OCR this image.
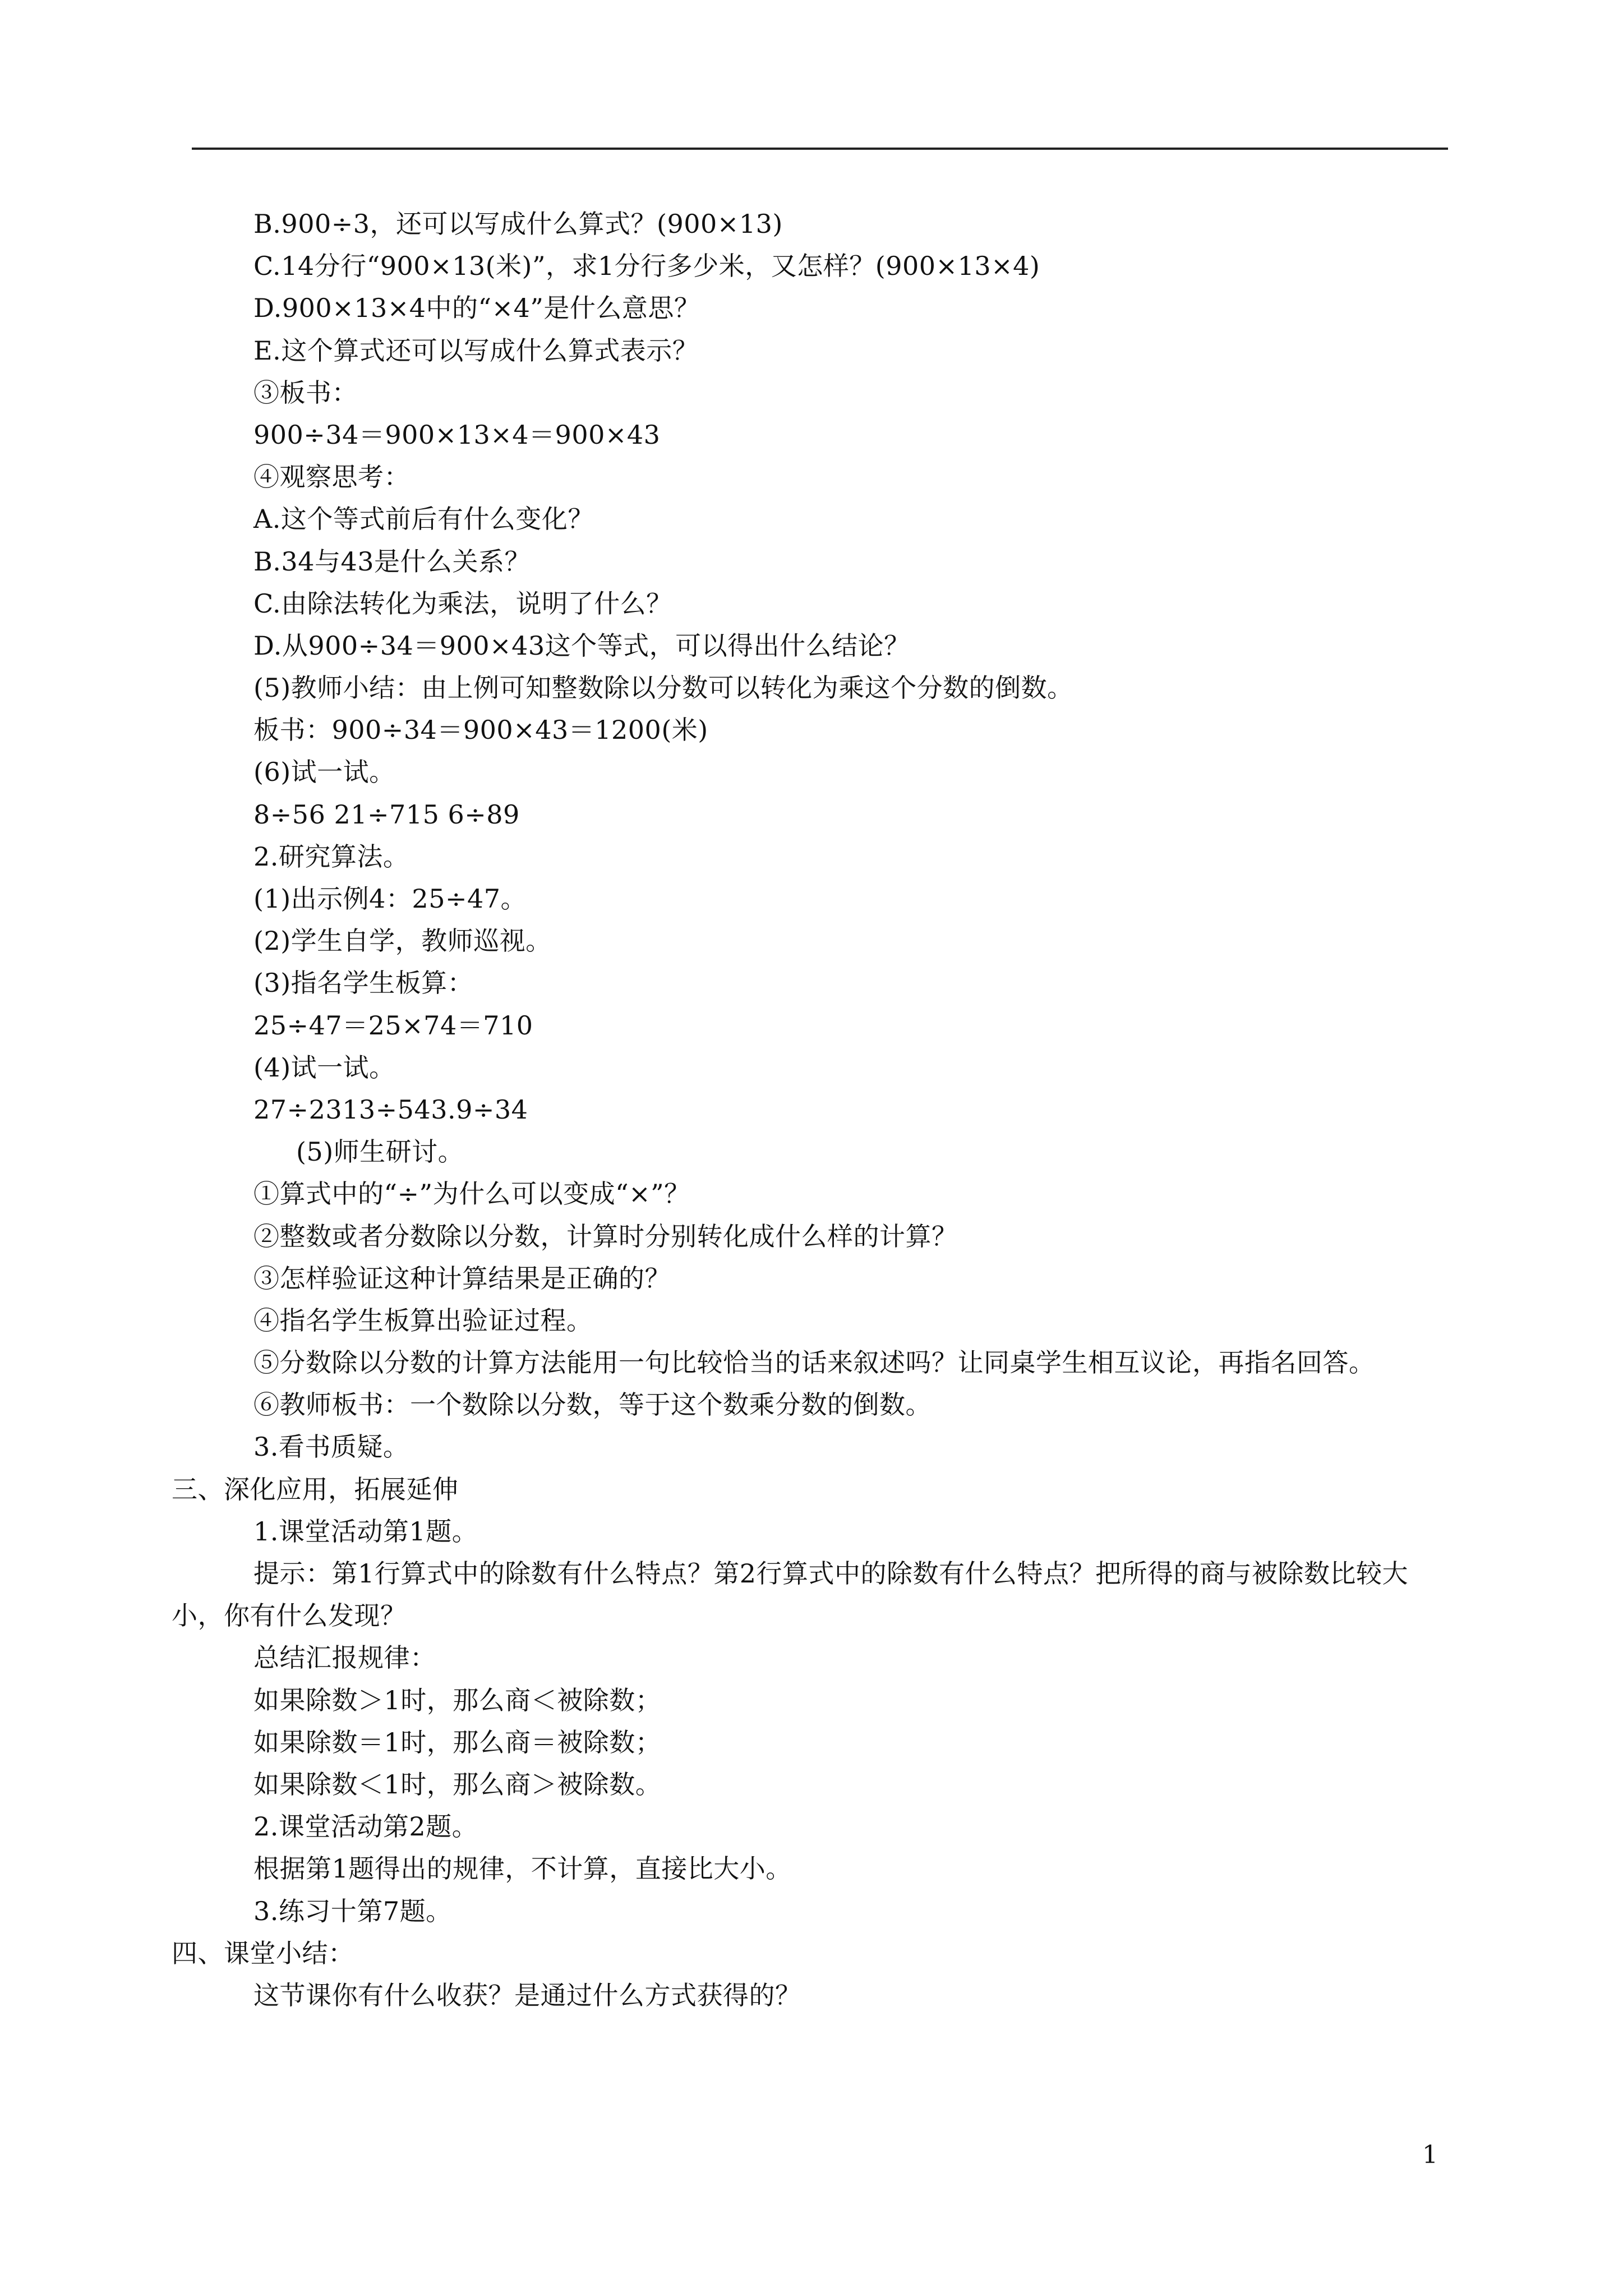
B.900÷3，还可以写成什么算式？(900×13)
C.14分行“900×13(米)”，求1分行多少米，又怎样？(900×13×4)
D.900×13×4中的“×4”是什么意思？
E.这个算式还可以写成什么算式表示？
③板书：
900÷34＝900×13×4＝900×43
④观察思考：
A.这个等式前后有什么变化？
B.34与43是什么关系？
C.由除法转化为乘法，说明了什么？
D.从900÷34＝900×43这个等式，可以得出什么结论？
(5)教师小结：由上例可知整数除以分数可以转化为乘这个分数的倒数。
板书：900÷34＝900×43＝1200(米)
(6)试一试。
8÷56 21÷715 6÷89
2.研究算法。
(1)出示例4：25÷47。
(2)学生自学，教师巡视。
(3)指名学生板算：
25÷47＝25×74＝710
(4)试一试。
27÷2313÷543.9÷34
(5)师生研讨。
①算式中的“÷”为什么可以变成“×”？
②整数或者分数除以分数，计算时分别转化成什么样的计算？
③怎样验证这种计算结果是正确的？
④指名学生板算出验证过程。
⑤分数除以分数的计算方法能用一句比较恰当的话来叙述吗？让同桌学生相互议论，再指名回答。
⑥教师板书：一个数除以分数，等于这个数乘分数的倒数。
3.看书质疑。
三、深化应用，拓展延伸
1.课堂活动第1题。
提示：第1行算式中的除数有什么特点？第2行算式中的除数有什么特点？把所得的商与被除数比较大小，你有什么发现？
总结汇报规律：
如果除数＞1时，那么商＜被除数；
如果除数＝1时，那么商＝被除数；
如果除数＜1时，那么商＞被除数。
2.课堂活动第2题。
根据第1题得出的规律，不计算，直接比大小。
3.练习十第7题。
四、课堂小结：
这节课你有什么收获？是通过什么方式获得的？
1
